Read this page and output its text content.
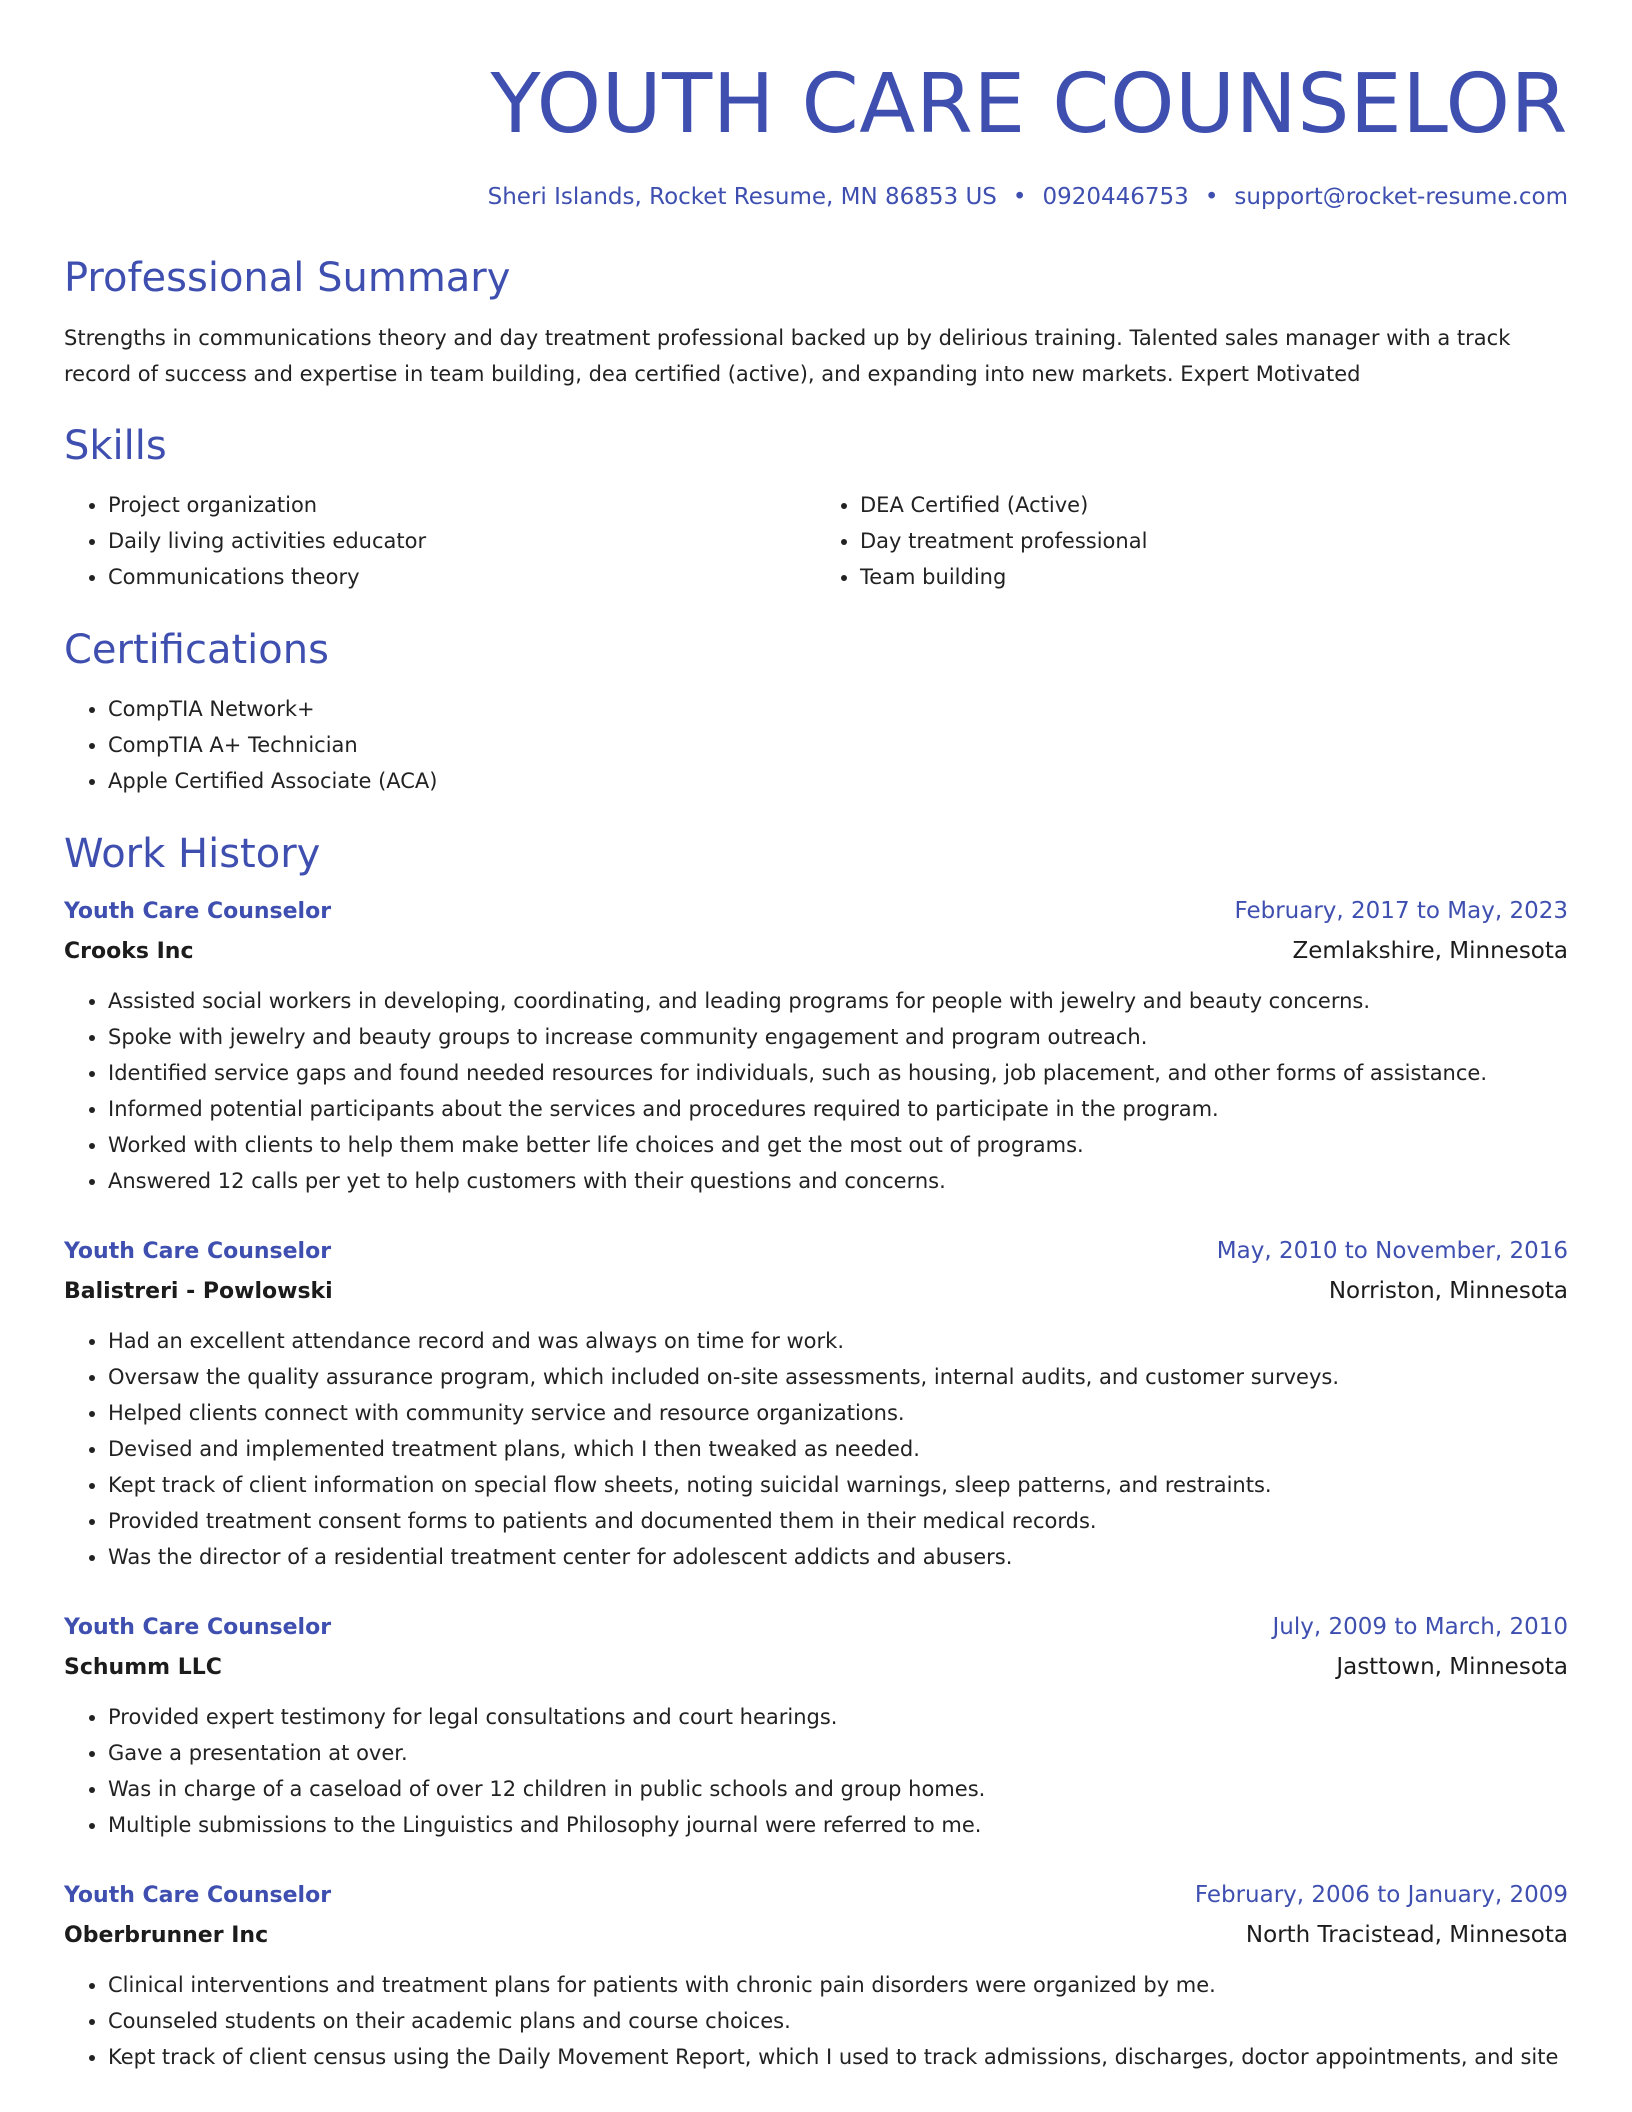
YOUTH CARE COUNSELOR
Sheri Islands, Rocket Resume, MN 86853 US • 0920446753 • support@rocket-resume.com
Professional Summary
Strengths in communications theory and day treatment professional backed up by delirious training. Talented sales manager with a track record of success and expertise in team building, dea certified (active), and expanding into new markets. Expert Motivated
Skills
• Project organization
• Daily living activities educator
• Communications theory
• DEA Certified (Active)
• Day treatment professional
• Team building
Certifications
• CompTIA Network+
• CompTIA A+ Technician
• Apple Certified Associate (ACA)
Work History
Youth Care Counselor	February, 2017 to May, 2023
Crooks Inc	Zemlakshire, Minnesota
• Assisted social workers in developing, coordinating, and leading programs for people with jewelry and beauty concerns.
• Spoke with jewelry and beauty groups to increase community engagement and program outreach.
• Identified service gaps and found needed resources for individuals, such as housing, job placement, and other forms of assistance.
• Informed potential participants about the services and procedures required to participate in the program.
• Worked with clients to help them make better life choices and get the most out of programs.
• Answered 12 calls per yet to help customers with their questions and concerns.
Youth Care Counselor	May, 2010 to November, 2016
Balistreri - Powlowski	Norriston, Minnesota
• Had an excellent attendance record and was always on time for work.
• Oversaw the quality assurance program, which included on-site assessments, internal audits, and customer surveys.
• Helped clients connect with community service and resource organizations.
• Devised and implemented treatment plans, which I then tweaked as needed.
• Kept track of client information on special flow sheets, noting suicidal warnings, sleep patterns, and restraints.
• Provided treatment consent forms to patients and documented them in their medical records.
• Was the director of a residential treatment center for adolescent addicts and abusers.
Youth Care Counselor	July, 2009 to March, 2010
Schumm LLC	Jasttown, Minnesota
• Provided expert testimony for legal consultations and court hearings.
• Gave a presentation at over.
• Was in charge of a caseload of over 12 children in public schools and group homes.
• Multiple submissions to the Linguistics and Philosophy journal were referred to me.
Youth Care Counselor	February, 2006 to January, 2009
Oberbrunner Inc	North Tracistead, Minnesota
• Clinical interventions and treatment plans for patients with chronic pain disorders were organized by me.
• Counseled students on their academic plans and course choices.
• Kept track of client census using the Daily Movement Report, which I used to track admissions, discharges, doctor appointments, and site
